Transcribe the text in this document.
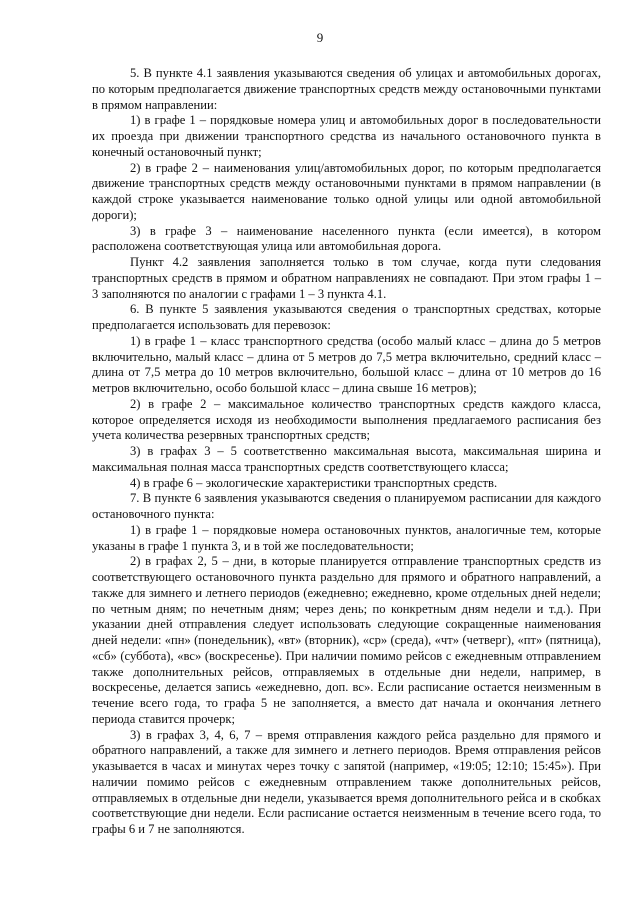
9

5. В пункте 4.1 заявления указываются сведения об улицах и автомобильных дорогах, по которым предполагается движение транспортных средств между остановочными пунктами в прямом направлении:

1) в графе 1 – порядковые номера улиц и автомобильных дорог в последовательности их проезда при движении транспортного средства из начального остановочного пункта в конечный остановочный пункт;

2) в графе 2 – наименования улиц/автомобильных дорог, по которым предполагается движение транспортных средств между остановочными пунктами в прямом направлении (в каждой строке указывается наименование только одной улицы или одной автомобильной дороги);

3) в графе 3 – наименование населенного пункта (если имеется), в котором расположена соответствующая улица или автомобильная дорога.

Пункт 4.2 заявления заполняется только в том случае, когда пути следования транспортных средств в прямом и обратном направлениях не совпадают. При этом графы 1 – 3 заполняются по аналогии с графами 1 – 3 пункта 4.1.

6. В пункте 5 заявления указываются сведения о транспортных средствах, которые предполагается использовать для перевозок:

1) в графе 1 – класс транспортного средства (особо малый класс – длина до 5 метров включительно, малый класс – длина от 5 метров до 7,5 метра включительно, средний класс – длина от 7,5 метра до 10 метров включительно, большой класс – длина от 10 метров до 16 метров включительно, особо большой класс – длина свыше 16 метров);

2) в графе 2 – максимальное количество транспортных средств каждого класса, которое определяется исходя из необходимости выполнения предлагаемого расписания без учета количества резервных транспортных средств;

3) в графах 3 – 5 соответственно максимальная высота, максимальная ширина и максимальная полная масса транспортных средств соответствующего класса;

4) в графе 6 – экологические характеристики транспортных средств.

7. В пункте 6 заявления указываются сведения о планируемом расписании для каждого остановочного пункта:

1) в графе 1 – порядковые номера остановочных пунктов, аналогичные тем, которые указаны в графе 1 пункта 3, и в той же последовательности;

2) в графах 2, 5 – дни, в которые планируется отправление транспортных средств из соответствующего остановочного пункта раздельно для прямого и обратного направлений, а также для зимнего и летнего периодов (ежедневно; ежедневно, кроме отдельных дней недели; по четным дням; по нечетным дням; через день; по конкретным дням недели и т.д.). При указании дней отправления следует использовать следующие сокращенные наименования дней недели: «пн» (понедельник), «вт» (вторник), «ср» (среда), «чт» (четверг), «пт» (пятница), «сб» (суббота), «вс» (воскресенье). При наличии помимо рейсов с ежедневным отправлением также дополнительных рейсов, отправляемых в отдельные дни недели, например, в воскресенье, делается запись «ежедневно, доп. вс». Если расписание остается неизменным в течение всего года, то графа 5 не заполняется, а вместо дат начала и окончания летнего периода ставится прочерк;

3) в графах 3, 4, 6, 7 – время отправления каждого рейса раздельно для прямого и обратного направлений, а также для зимнего и летнего периодов. Время отправления рейсов указывается в часах и минутах через точку с запятой (например, «19:05; 12:10; 15:45»). При наличии помимо рейсов с ежедневным отправлением также дополнительных рейсов, отправляемых в отдельные дни недели, указывается время дополнительного рейса и в скобках соответствующие дни недели. Если расписание остается неизменным в течение всего года, то графы 6 и 7 не заполняются.
